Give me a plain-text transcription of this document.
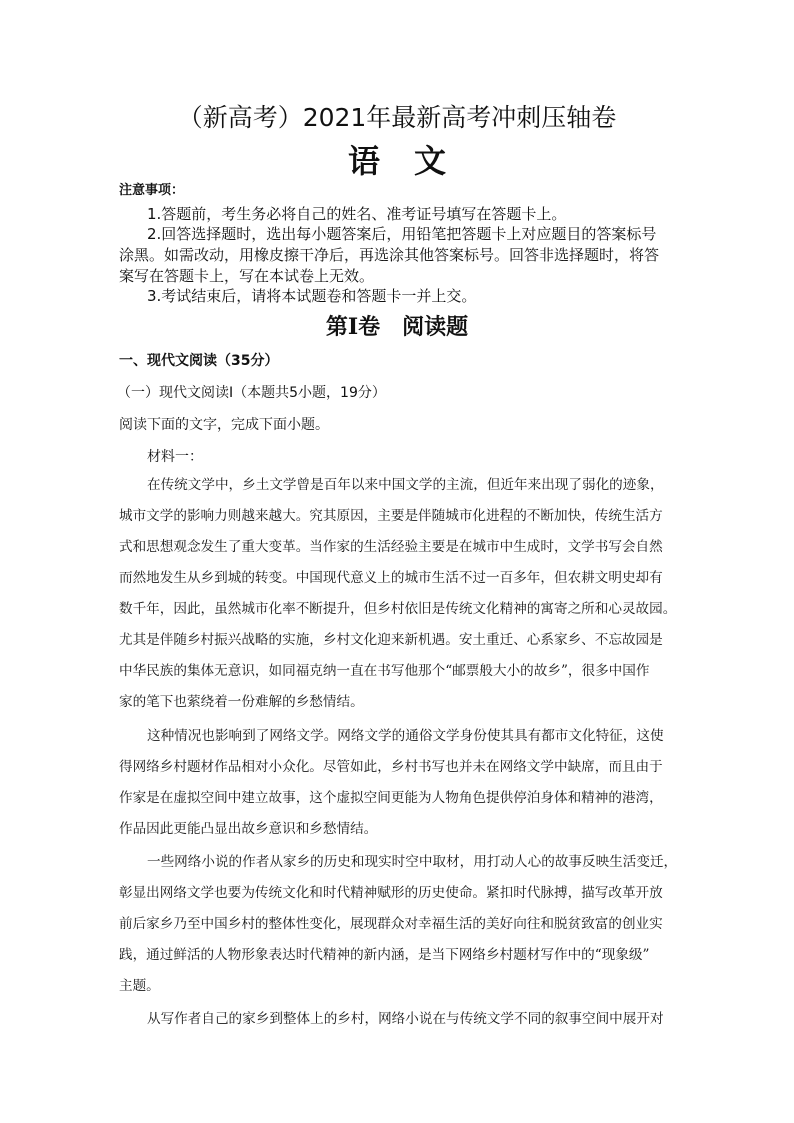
（新高考）2021年最新高考冲刺压轴卷
语文
注意事项：
1.答题前，考生务必将自己的姓名、准考证号填写在答题卡上。
2.回答选择题时，选出每小题答案后，用铅笔把答题卡上对应题目的答案标号
涂黑。如需改动，用橡皮擦干净后，再选涂其他答案标号。回答非选择题时，将答
案写在答题卡上，写在本试卷上无效。
3.考试结束后，请将本试题卷和答题卡一并上交。
第Ⅰ卷　阅读题
一、现代文阅读（35分）
（一）现代文阅读Ⅰ（本题共5小题，19分）
阅读下面的文字，完成下面小题。
材料一：
在传统文学中，乡土文学曾是百年以来中国文学的主流，但近年来出现了弱化的迹象，
城市文学的影响力则越来越大。究其原因，主要是伴随城市化进程的不断加快，传统生活方
式和思想观念发生了重大变革。当作家的生活经验主要是在城市中生成时，文学书写会自然
而然地发生从乡到城的转变。中国现代意义上的城市生活不过一百多年，但农耕文明史却有
数千年，因此，虽然城市化率不断提升，但乡村依旧是传统文化精神的寓寄之所和心灵故园。
尤其是伴随乡村振兴战略的实施，乡村文化迎来新机遇。安土重迁、心系家乡、不忘故园是
中华民族的集体无意识，如同福克纳一直在书写他那个“邮票般大小的故乡”，很多中国作
家的笔下也萦绕着一份难解的乡愁情结。
这种情况也影响到了网络文学。网络文学的通俗文学身份使其具有都市文化特征，这使
得网络乡村题材作品相对小众化。尽管如此，乡村书写也并未在网络文学中缺席，而且由于
作家是在虚拟空间中建立故事，这个虚拟空间更能为人物角色提供停泊身体和精神的港湾，
作品因此更能凸显出故乡意识和乡愁情结。
一些网络小说的作者从家乡的历史和现实时空中取材，用打动人心的故事反映生活变迁，
彰显出网络文学也要为传统文化和时代精神赋形的历史使命。紧扣时代脉搏，描写改革开放
前后家乡乃至中国乡村的整体性变化，展现群众对幸福生活的美好向往和脱贫致富的创业实
践，通过鲜活的人物形象表达时代精神的新内涵，是当下网络乡村题材写作中的“现象级”
主题。
从写作者自己的家乡到整体上的乡村，网络小说在与传统文学不同的叙事空间中展开对
